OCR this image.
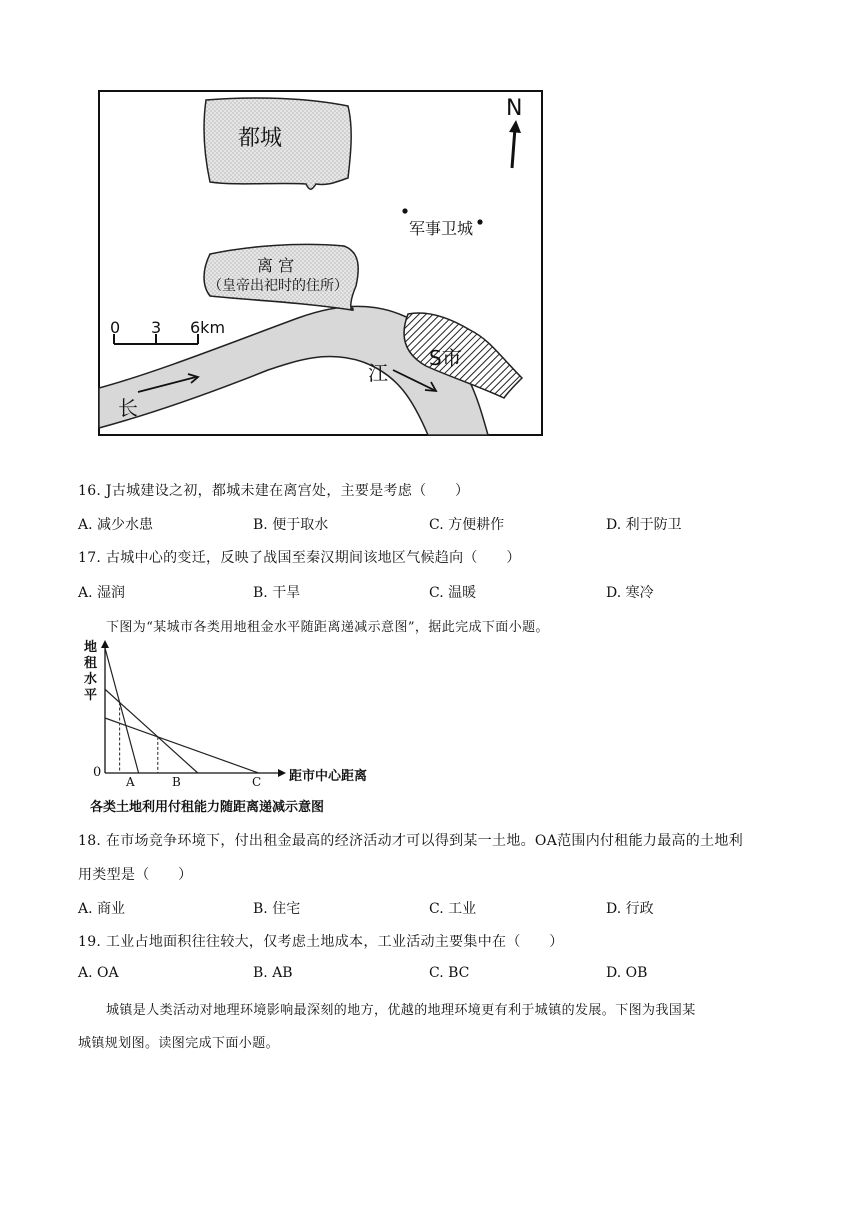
都城
N
军事卫城
离 宫
（皇帝出祀时的住所）
0 3 6km
S市
江
长
16. J古城建设之初，都城未建在离宫处，主要是考虑（　　）
A. 减少水患	B. 便于取水	C. 方便耕作	D. 利于防卫
17. 古城中心的变迁，反映了战国至秦汉期间该地区气候趋向（　　）
A. 湿润	B. 干旱	C. 温暖	D. 寒冷
下图为“某城市各类用地租金水平随距离递减示意图”，据此完成下面小题。
地
租
水
平
0
A	B	C 距市中心距离
各类土地利用付租能力随距离递减示意图
18. 在市场竞争环境下，付出租金最高的经济活动才可以得到某一土地。OA范围内付租能力最高的土地利
用类型是（　　）
A. 商业	B. 住宅	C. 工业	D. 行政
19. 工业占地面积往往较大，仅考虑土地成本，工业活动主要集中在（　　）
A. OA	B. AB	C. BC	D. OB
城镇是人类活动对地理环境影响最深刻的地方，优越的地理环境更有利于城镇的发展。下图为我国某
城镇规划图。读图完成下面小题。
